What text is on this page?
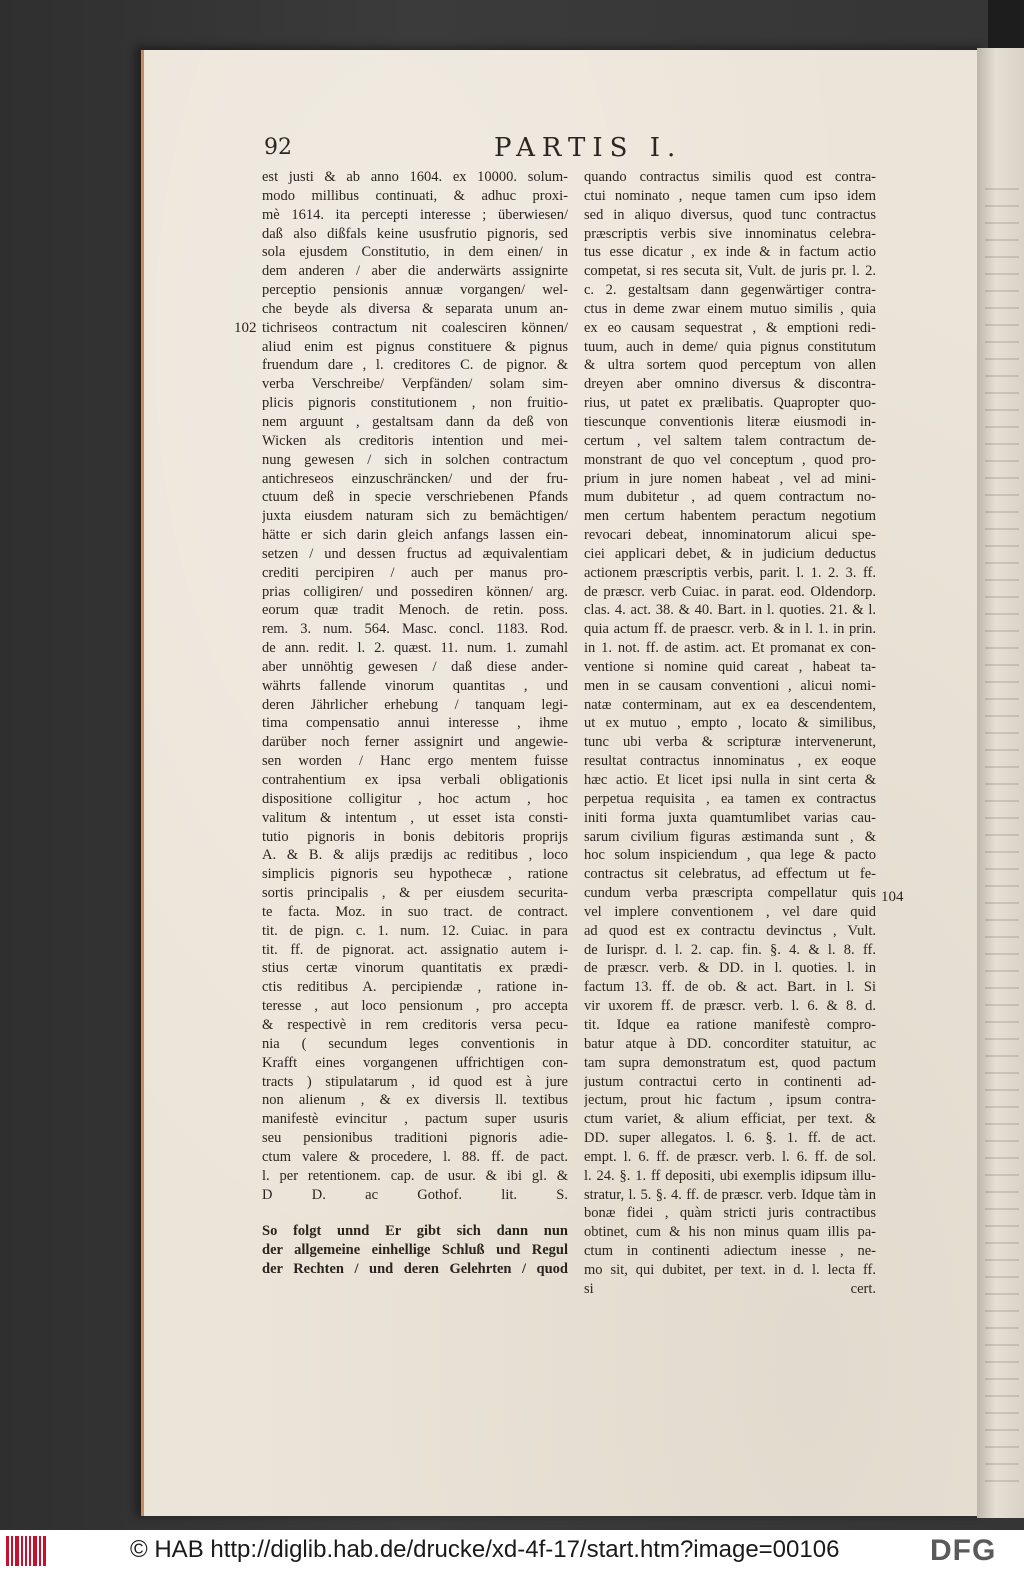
92	PARTIS I.
102
104
est justi & ab anno 1604. ex 10000. solum-
modo millibus continuati, & adhuc proxi-
mè 1614. ita percepti interesse ; überwiesen/
daß also dißfals keine ususfrutio pignoris, sed
sola ejusdem Constitutio, in dem einen/ in
dem anderen / aber die anderwärts assignirte
perceptio pensionis annuæ vorgangen/ wel-
che beyde als diversa & separata unum an-
tichriseos contractum nit coalesciren können/
aliud enim est pignus constituere & pignus
fruendum dare , l. creditores C. de pignor. &
verba Verschreibe/ Verpfänden/ solam sim-
plicis pignoris constitutionem , non fruitio-
nem arguunt , gestaltsam dann da deß von
Wicken als creditoris intention und mei-
nung gewesen / sich in solchen contractum
antichreseos einzuschräncken/ und der fru-
ctuum deß in specie verschriebenen Pfands
juxta eiusdem naturam sich zu bemächtigen/
hätte er sich darin gleich anfangs lassen ein-
setzen / und dessen fructus ad æquivalentiam
crediti percipiren / auch per manus pro-
prias colligiren/ und possediren können/ arg.
eorum quæ tradit Menoch. de retin. poss.
rem. 3. num. 564. Masc. concl. 1183. Rod.
de ann. redit. l. 2. quæst. 11. num. 1. zumahl
aber unnöhtig gewesen / daß diese ander-
währts fallende vinorum quantitas , und
deren Jährlicher erhebung / tanquam legi-
tima compensatio annui interesse , ihme
darüber noch ferner assignirt und angewie-
sen worden / Hanc ergo mentem fuisse
contrahentium ex ipsa verbali obligationis
dispositione colligitur , hoc actum , hoc
valitum & intentum , ut esset ista consti-
tutio pignoris in bonis debitoris proprijs
A. & B. & alijs prædijs ac reditibus , loco
simplicis pignoris seu hypothecæ , ratione
sortis principalis , & per eiusdem securita-
te facta. Moz. in suo tract. de contract.
tit. de pign. c. 1. num. 12. Cuiac. in para
tit. ff. de pignorat. act. assignatio autem i-
stius certæ vinorum quantitatis ex prædi-
ctis reditibus A. percipiendæ , ratione in-
teresse , aut loco pensionum , pro accepta
& respectivè in rem creditoris versa pecu-
nia ( secundum leges conventionis in
Krafft eines vorgangenen uffrichtigen con-
tracts ) stipulatarum , id quod est à jure
non alienum , & ex diversis ll. textibus
manifestè evincitur , pactum super usuris
seu pensionibus traditioni pignoris adie-
ctum valere & procedere, l. 88. ff. de pact.
l. per retentionem. cap. de usur. & ibi gl. &
D D. ac Gothof. lit. S.
So folgt unnd Er gibt sich dann nun
der allgemeine einhellige Schluß und Regul
der Rechten / und deren Gelehrten / quod
quando contractus similis quod est contra-
ctui nominato , neque tamen cum ipso idem
sed in aliquo diversus, quod tunc contractus
præscriptis verbis sive innominatus celebra-
tus esse dicatur , ex inde & in factum actio
competat, si res secuta sit, Vult. de juris pr. l. 2.
c. 2. gestaltsam dann gegenwärtiger contra-
ctus in deme zwar einem mutuo similis , quia
ex eo causam sequestrat , & emptioni redi-
tuum, auch in deme/ quia pignus constitutum
& ultra sortem quod perceptum von allen
dreyen aber omnino diversus & discontra-
rius, ut patet ex prælibatis. Quapropter quo-
tiescunque conventionis literæ eiusmodi in-
certum , vel saltem talem contractum de-
monstrant de quo vel conceptum , quod pro-
prium in jure nomen habeat , vel ad mini-
mum dubitetur , ad quem contractum no-
men certum habentem peractum negotium
revocari debeat, innominatorum alicui spe-
ciei applicari debet, & in judicium deductus
actionem præscriptis verbis, parit. l. 1. 2. 3. ff.
de præscr. verb Cuiac. in parat. eod. Oldendorp.
clas. 4. act. 38. & 40. Bart. in l. quoties. 21. & l.
quia actum ff. de praescr. verb. & in l. 1. in prin.
in 1. not. ff. de astim. act. Et promanat ex con-
ventione si nomine quid careat , habeat ta-
men in se causam conventioni , alicui nomi-
natæ conterminam, aut ex ea descendentem,
ut ex mutuo , empto , locato & similibus,
tunc ubi verba & scripturæ intervenerunt,
resultat contractus innominatus , ex eoque
hæc actio. Et licet ipsi nulla in sint certa &
perpetua requisita , ea tamen ex contractus
initi forma juxta quamtumlibet varias cau-
sarum civilium figuras æstimanda sunt , &
hoc solum inspiciendum , qua lege & pacto
contractus sit celebratus, ad effectum ut fe-
cundum verba præscripta compellatur quis
vel implere conventionem , vel dare quid
ad quod est ex contractu devinctus , Vult.
de Iurispr. d. l. 2. cap. fin. §. 4. & l. 8. ff.
de præscr. verb. & DD. in l. quoties. l. in
factum 13. ff. de ob. & act. Bart. in l. Si
vir uxorem ff. de præscr. verb. l. 6. & 8. d.
tit. Idque ea ratione manifestè compro-
batur atque à DD. concorditer statuitur, ac
tam supra demonstratum est, quod pactum
justum contractui certo in continenti ad-
jectum, prout hic factum , ipsum contra-
ctum variet, & alium efficiat, per text. &
DD. super allegatos. l. 6. §. 1. ff. de act.
empt. l. 6. ff. de præscr. verb. l. 6. ff. de sol.
l. 24. §. 1. ff depositi, ubi exemplis idipsum illu-
stratur, l. 5. §. 4. ff. de præscr. verb. Idque tàm in
bonæ fidei , quàm stricti juris contractibus
obtinet, cum & his non minus quam illis pa-
ctum in continenti adiectum inesse , ne-
mo sit, qui dubitet, per text. in d. l. lecta ff.
si cert.
© HAB http://diglib.hab.de/drucke/xd-4f-17/start.htm?image=00106	DFG
